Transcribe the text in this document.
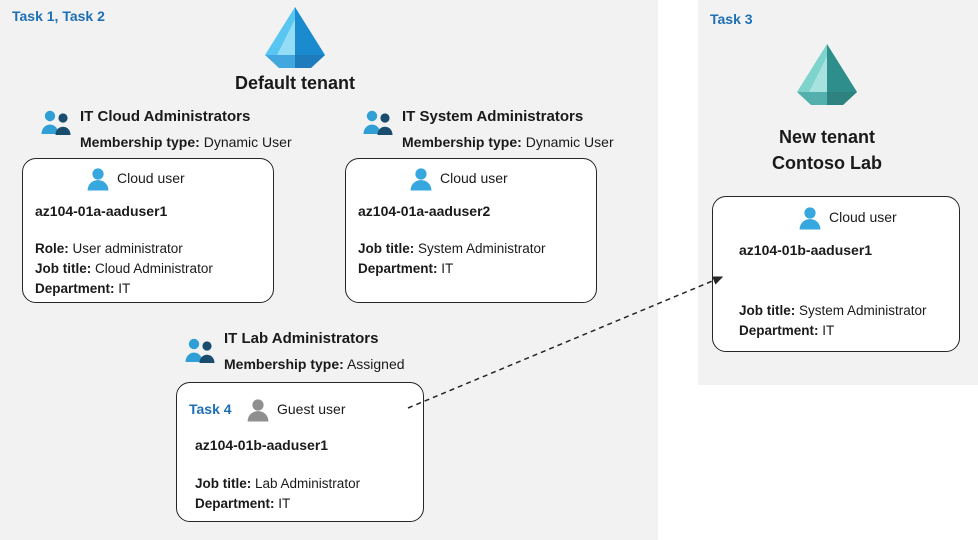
Task 1, Task 2	Task 3
Default tenant
IT Cloud Administrators
Membership type: Dynamic User
Cloud user
az104-01a-aaduser1
Role: User administrator
Job title: Cloud Administrator
Department: IT
IT System Administrators
Membership type: Dynamic User
Cloud user
az104-01a-aaduser2
Job title: System Administrator
Department: IT
IT Lab Administrators
Membership type: Assigned
Task 4	Guest user
az104-01b-aaduser1
Job title: Lab Administrator
Department: IT
New tenant
Contoso Lab
Cloud user
az104-01b-aaduser1
Job title: System Administrator
Department: IT
